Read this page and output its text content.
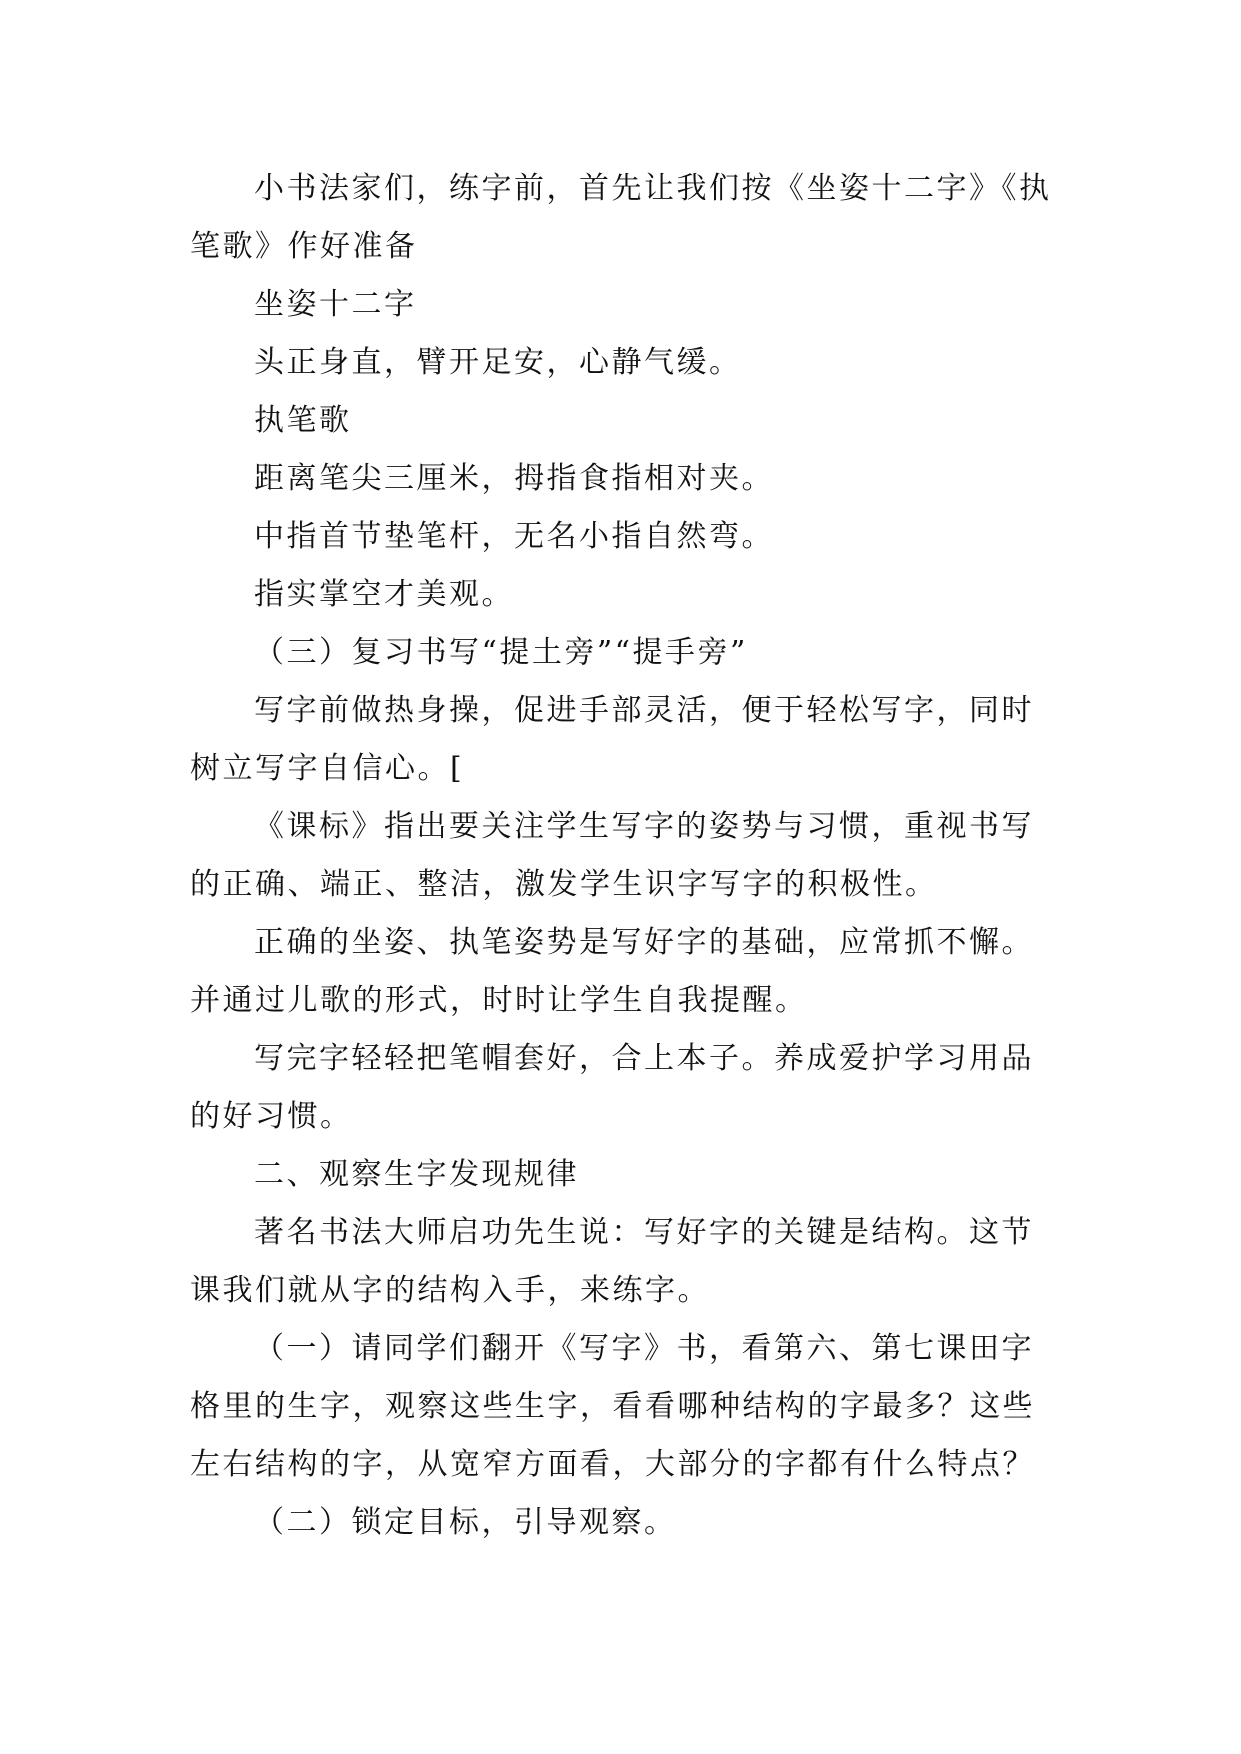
小书法家们，练字前，首先让我们按《坐姿十二字》《执
笔歌》作好准备
坐姿十二字
头正身直，臂开足安，心静气缓。
执笔歌
距离笔尖三厘米，拇指食指相对夹。
中指首节垫笔杆，无名小指自然弯。
指实掌空才美观。
（三）复习书写“提土旁”“提手旁”
写字前做热身操，促进手部灵活，便于轻松写字，同时
树立写字自信心。[
《课标》指出要关注学生写字的姿势与习惯，重视书写
的正确、端正、整洁，激发学生识字写字的积极性。
正确的坐姿、执笔姿势是写好字的基础，应常抓不懈。
并通过儿歌的形式，时时让学生自我提醒。
写完字轻轻把笔帽套好，合上本子。养成爱护学习用品
的好习惯。
二、观察生字发现规律
著名书法大师启功先生说：写好字的关键是结构。这节
课我们就从字的结构入手，来练字。
（一）请同学们翻开《写字》书，看第六、第七课田字
格里的生字，观察这些生字，看看哪种结构的字最多？这些
左右结构的字，从宽窄方面看，大部分的字都有什么特点？
（二）锁定目标，引导观察。
